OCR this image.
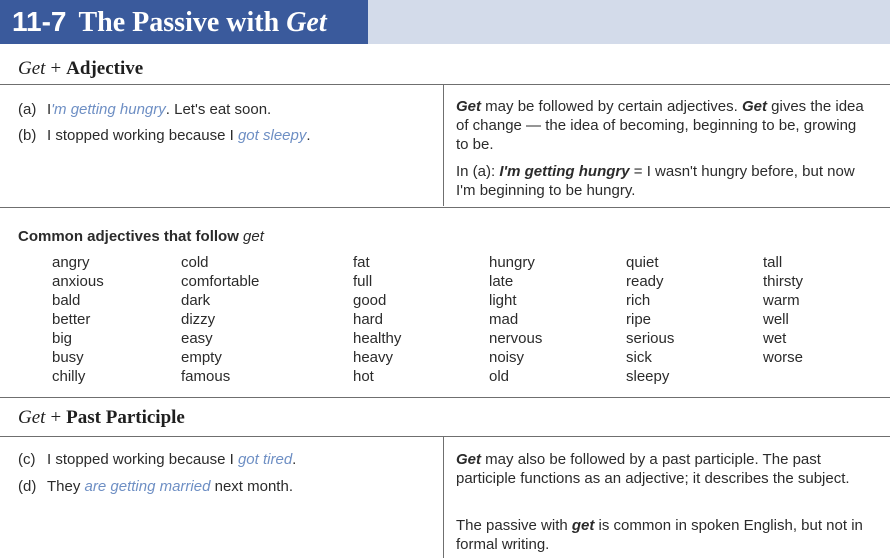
11-7 The Passive with Get
Get + Adjective
(a) I'm getting hungry. Let's eat soon.
(b) I stopped working because I got sleepy.
Get may be followed by certain adjectives. Get gives the idea of change — the idea of becoming, beginning to be, growing to be.
In (a): I'm getting hungry = I wasn't hungry before, but now I'm beginning to be hungry.
Common adjectives that follow get
angry
anxious
bald
better
big
busy
chilly
cold
comfortable
dark
dizzy
easy
empty
famous
fat
full
good
hard
healthy
heavy
hot
hungry
late
light
mad
nervous
noisy
old
quiet
ready
rich
ripe
serious
sick
sleepy
tall
thirsty
warm
well
wet
worse
Get + Past Participle
(c) I stopped working because I got tired.
(d) They are getting married next month.
Get may also be followed by a past participle. The past participle functions as an adjective; it describes the subject.
The passive with get is common in spoken English, but not in formal writing.
